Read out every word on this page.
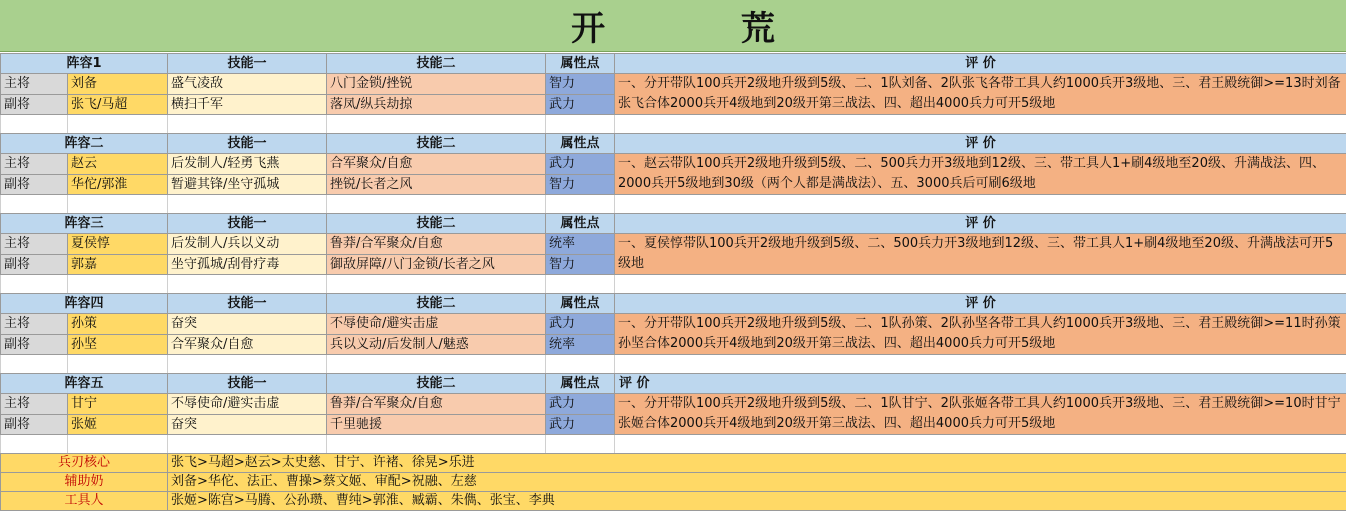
开 荒
阵容1		技能一	技能二	属性点	评 价
主将	刘备	盛气凌敌	八门金锁/挫锐	智力	一、分开带队100兵开2级地升级到5级、二、1队刘备、2队张飞各带工具人约1000兵开3级地、三、君王殿统御>=13时刘备张飞合体2000兵开4级地到20级开第三战法、四、超出4000兵力可开5级地
副将	张飞/马超	横扫千军	落凤/纵兵劫掠	武力	

阵容二		技能一	技能二	属性点	评 价
主将	赵云	后发制人/轻勇飞燕	合军聚众/自愈	武力	一、赵云带队100兵开2级地升级到5级、二、500兵力开3级地到12级、三、带工具人1+刷4级地至20级、升满战法、四、2000兵开5级地到30级（两个人都是满战法）、五、3000兵后可刷6级地
副将	华佗/郭淮	暂避其锋/坐守孤城	挫锐/长者之风	智力	

阵容三		技能一	技能二	属性点	评 价
主将	夏侯惇	后发制人/兵以义动	鲁莽/合军聚众/自愈	统率	一、夏侯惇带队100兵开2级地升级到5级、二、500兵力开3级地到12级、三、带工具人1+刷4级地至20级、升满战法可开5级地
副将	郭嘉	坐守孤城/刮骨疗毒	御敌屏障/八门金锁/长者之风	智力	

阵容四		技能一	技能二	属性点	评 价
主将	孙策	奋突	不辱使命/避实击虚	武力	一、分开带队100兵开2级地升级到5级、二、1队孙策、2队孙坚各带工具人约1000兵开3级地、三、君王殿统御>=11时孙策孙坚合体2000兵开4级地到20级开第三战法、四、超出4000兵力可开5级地
副将	孙坚	合军聚众/自愈	兵以义动/后发制人/魅惑	统率	

阵容五		技能一	技能二	属性点	评 价
主将	甘宁	不辱使命/避实击虚	鲁莽/合军聚众/自愈	武力	一、分开带队100兵开2级地升级到5级、二、1队甘宁、2队张姬各带工具人约1000兵开3级地、三、君王殿统御>=10时甘宁张姬合体2000兵开4级地到20级开第三战法、四、超出4000兵力可开5级地
副将	张姬	奋突	千里驰援	武力	

兵刃核心		张飞>马超>赵云>太史慈、甘宁、许褚、徐晃>乐进			
辅助奶		刘备>华佗、法正、曹操>蔡文姬、审配>祝融、左慈			
工具人		张姬>陈宫>马腾、公孙瓒、曹纯>郭淮、臧霸、朱儁、张宝、李典			
